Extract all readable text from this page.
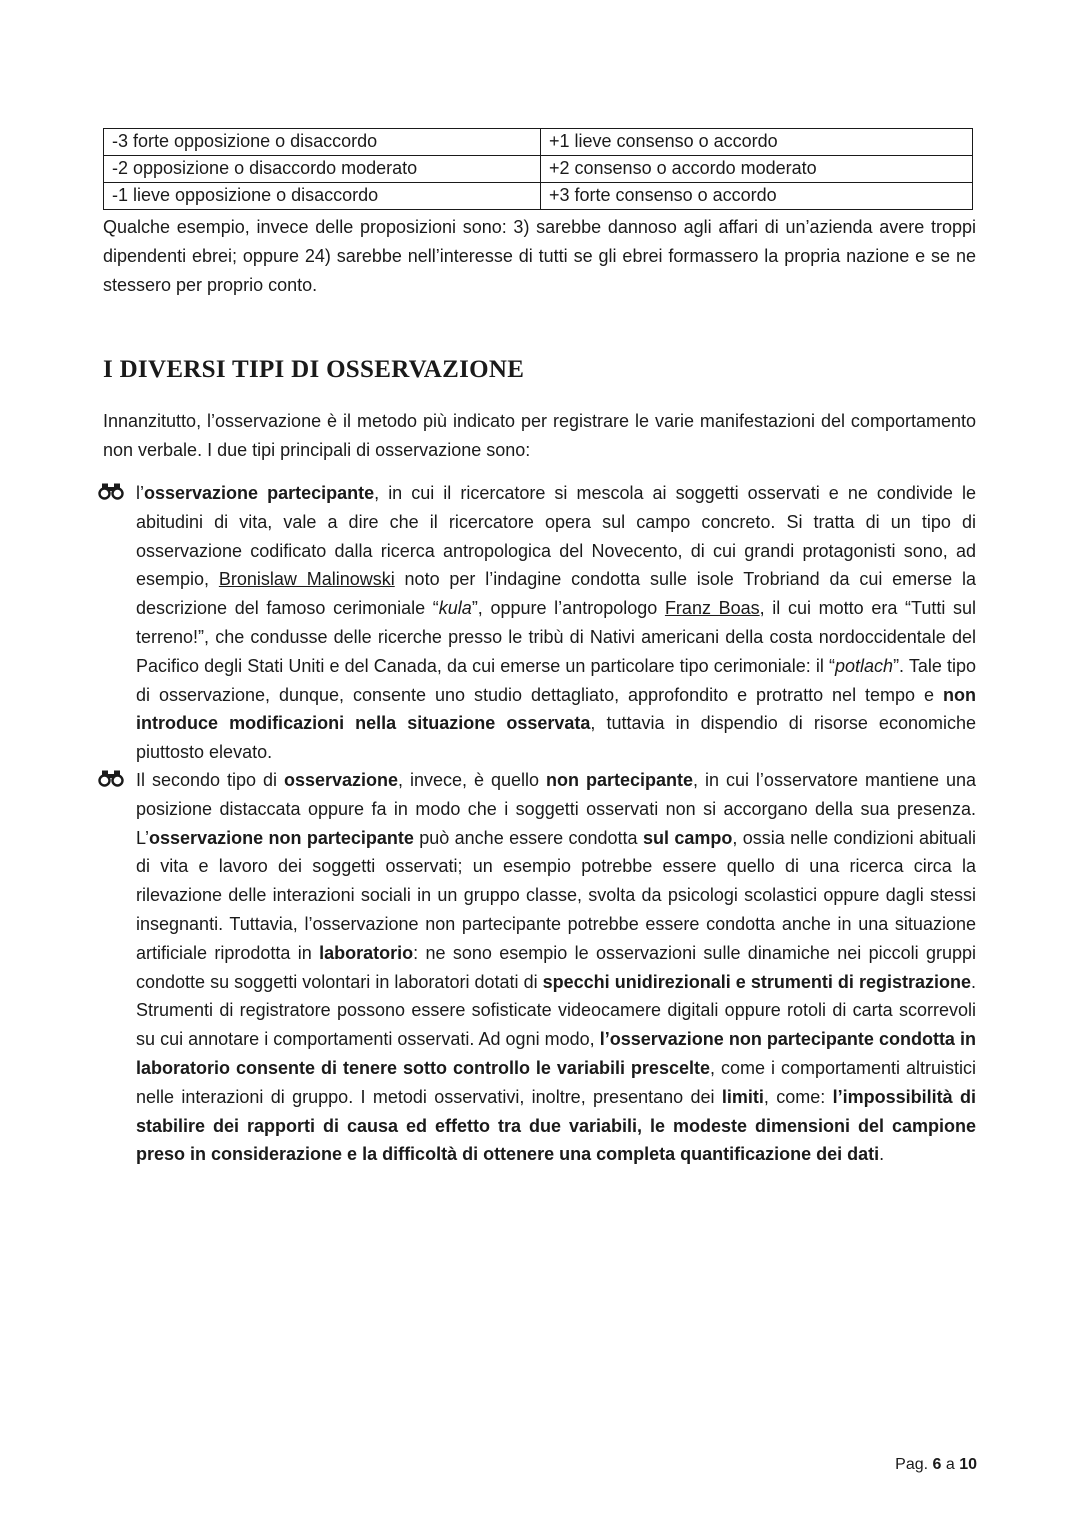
-3 forte opposizione o disaccordo	+1 lieve consenso o accordo
-2 opposizione o disaccordo moderato	+2 consenso o accordo moderato
-1 lieve opposizione o disaccordo	+3 forte consenso o accordo

Qualche esempio, invece delle proposizioni sono: 3) sarebbe dannoso agli affari di un’azienda avere troppi dipendenti ebrei; oppure 24) sarebbe nell’interesse di tutti se gli ebrei formassero la propria nazione e se ne stessero per proprio conto.

I DIVERSI TIPI DI OSSERVAZIONE

Innanzitutto, l’osservazione è il metodo più indicato per registrare le varie manifestazioni del comportamento non verbale. I due tipi principali di osservazione sono:

l’osservazione partecipante, in cui il ricercatore si mescola ai soggetti osservati e ne condivide le abitudini di vita, vale a dire che il ricercatore opera sul campo concreto. Si tratta di un tipo di osservazione codificato dalla ricerca antropologica del Novecento, di cui grandi protagonisti sono, ad esempio, Bronislaw Malinowski noto per l’indagine condotta sulle isole Trobriand da cui emerse la descrizione del famoso cerimoniale “kula”, oppure l’antropologo Franz Boas, il cui motto era “Tutti sul terreno!”, che condusse delle ricerche presso le tribù di Nativi americani della costa nordoccidentale del Pacifico degli Stati Uniti e del Canada, da cui emerse un particolare tipo cerimoniale: il “potlach”. Tale tipo di osservazione, dunque, consente uno studio dettagliato, approfondito e protratto nel tempo e non introduce modificazioni nella situazione osservata, tuttavia in dispendio di risorse economiche piuttosto elevato.
Il secondo tipo di osservazione, invece, è quello non partecipante, in cui l’osservatore mantiene una posizione distaccata oppure fa in modo che i soggetti osservati non si accorgano della sua presenza. L’osservazione non partecipante può anche essere condotta sul campo, ossia nelle condizioni abituali di vita e lavoro dei soggetti osservati; un esempio potrebbe essere quello di una ricerca circa la rilevazione delle interazioni sociali in un gruppo classe, svolta da psicologi scolastici oppure dagli stessi insegnanti. Tuttavia, l’osservazione non partecipante potrebbe essere condotta anche in una situazione artificiale riprodotta in laboratorio: ne sono esempio le osservazioni sulle dinamiche nei piccoli gruppi condotte su soggetti volontari in laboratori dotati di specchi unidirezionali e strumenti di registrazione. Strumenti di registratore possono essere sofisticate videocamere digitali oppure rotoli di carta scorrevoli su cui annotare i comportamenti osservati. Ad ogni modo, l’osservazione non partecipante condotta in laboratorio consente di tenere sotto controllo le variabili prescelte, come i comportamenti altruistici nelle interazioni di gruppo. I metodi osservativi, inoltre, presentano dei limiti, come: l’impossibilità di stabilire dei rapporti di causa ed effetto tra due variabili, le modeste dimensioni del campione preso in considerazione e la difficoltà di ottenere una completa quantificazione dei dati.
Pag. 6 a 10
